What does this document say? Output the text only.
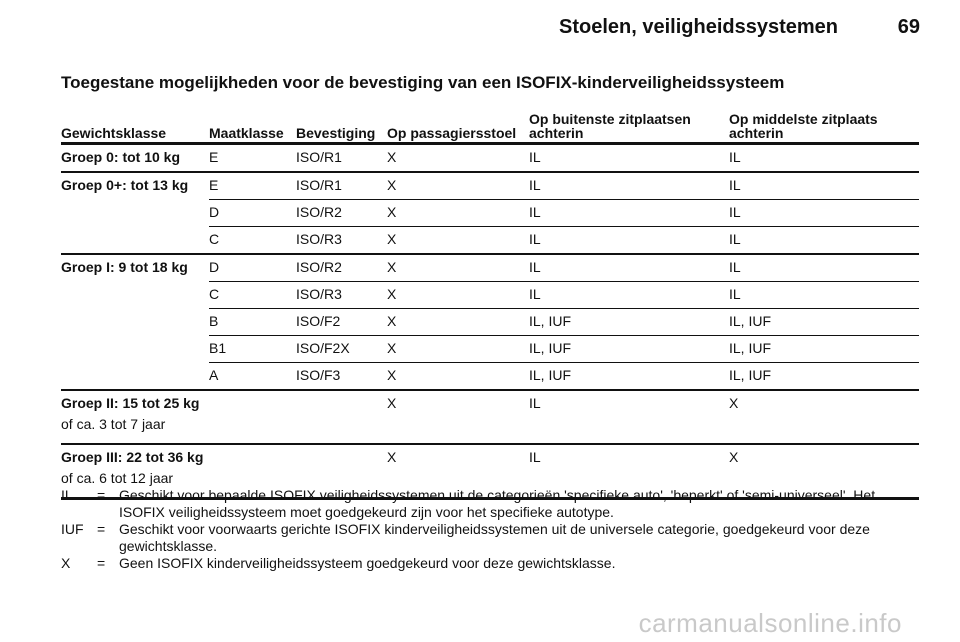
Stoelen, veiligheidssystemen	69
Toegestane mogelijkheden voor de bevestiging van een ISOFIX-kinderveiligheidssysteem
Gewichtsklasse	Maatklasse	Bevestiging	Op passagiersstoel	Op buitenste zitplaatsen achterin	Op middelste zitplaats achterin

Groep 0: tot 10 kg	E	ISO/R1	X	IL	IL

Groep 0+: tot 13 kg	E	ISO/R1	X	IL	IL
	D	ISO/R2	X	IL	IL
	C	ISO/R3	X	IL	IL

Groep I: 9 tot 18 kg	D	ISO/R2	X	IL	IL
	C	ISO/R3	X	IL	IL
	B	ISO/F2	X	IL, IUF	IL, IUF
	B1	ISO/F2X	X	IL, IUF	IL, IUF
	A	ISO/F3	X	IL, IUF	IL, IUF

Groep II: 15 tot 25 kg
of ca. 3 tot 7 jaar			X	IL	X

Groep III: 22 tot 36 kg
of ca. 6 tot 12 jaar			X	IL	X
IL	= Geschikt voor bepaalde ISOFIX veiligheidssystemen uit de categorieën 'specifieke auto', 'beperkt' of 'semi-universeel'. Het ISOFIX veiligheidssysteem moet goedgekeurd zijn voor het specifieke autotype.
IUF = Geschikt voor voorwaarts gerichte ISOFIX kinderveiligheidssystemen uit de universele categorie, goedgekeurd voor deze gewichtsklasse.
X	= Geen ISOFIX kinderveiligheidssysteem goedgekeurd voor deze gewichtsklasse.
carmanualsonline.info
